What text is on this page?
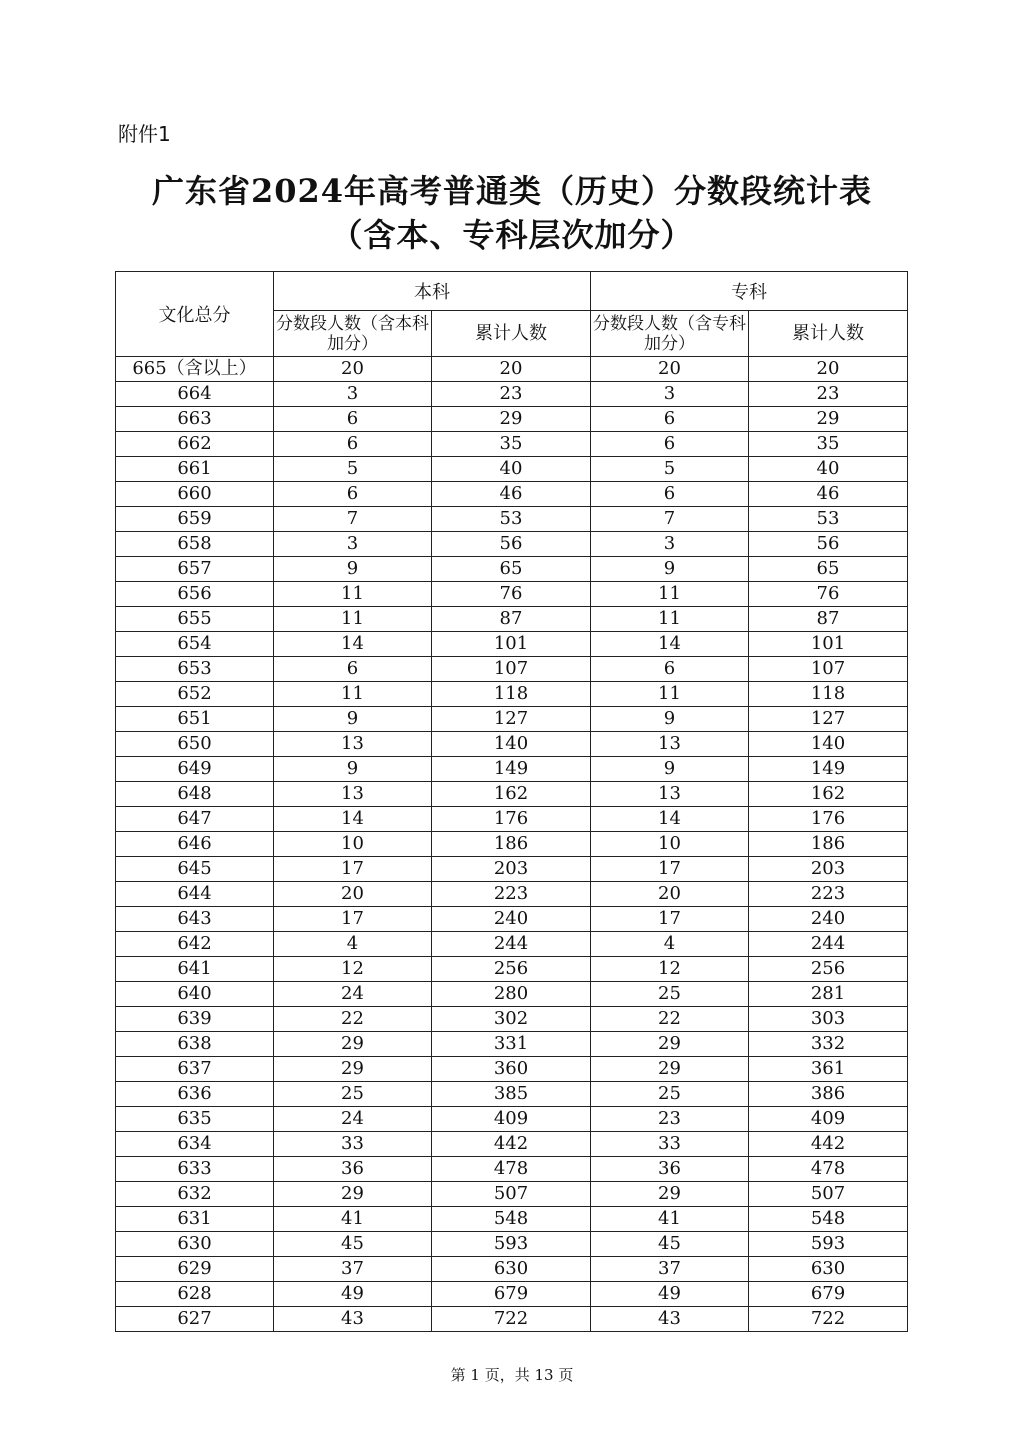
附件1
广东省2024年高考普通类（历史）分数段统计表
（含本、专科层次加分）
文化总分	本科		专科	
	分数段人数（含本科加分）	累计人数	分数段人数（含专科加分）	累计人数
665（含以上）	20	20	20	20
664	3	23	3	23
663	6	29	6	29
662	6	35	6	35
661	5	40	5	40
660	6	46	6	46
659	7	53	7	53
658	3	56	3	56
657	9	65	9	65
656	11	76	11	76
655	11	87	11	87
654	14	101	14	101
653	6	107	6	107
652	11	118	11	118
651	9	127	9	127
650	13	140	13	140
649	9	149	9	149
648	13	162	13	162
647	14	176	14	176
646	10	186	10	186
645	17	203	17	203
644	20	223	20	223
643	17	240	17	240
642	4	244	4	244
641	12	256	12	256
640	24	280	25	281
639	22	302	22	303
638	29	331	29	332
637	29	360	29	361
636	25	385	25	386
635	24	409	23	409
634	33	442	33	442
633	36	478	36	478
632	29	507	29	507
631	41	548	41	548
630	45	593	45	593
629	37	630	37	630
628	49	679	49	679
627	43	722	43	722
第 1 页，共 13 页
